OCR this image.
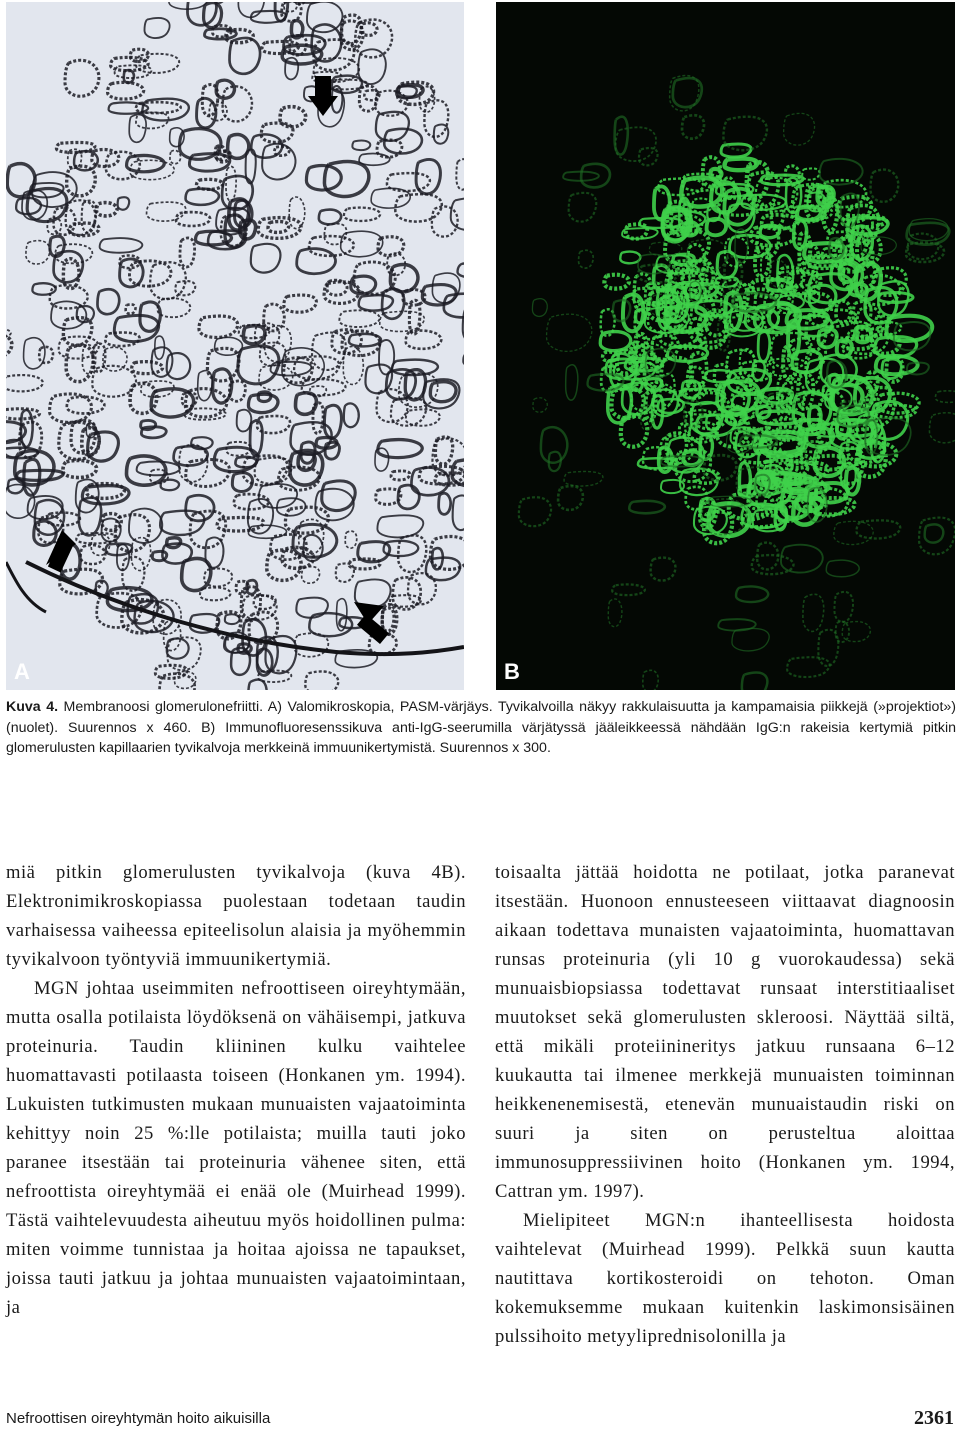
A	B
Kuva 4. Membranoosi glomerulonefriitti. A) Valomikroskopia, PASM-värjäys. Tyvikalvoilla näkyy rakkulaisuutta ja kampamaisia piikkejä (»projektiot») (nuolet). Suurennos x 460. B) Immunofluoresenssikuva anti-IgG-seerumilla värjätyssä jääleikkeessä nähdään IgG:n rakeisia kertymiä pitkin glomerulusten kapillaarien tyvikalvoja merkkeinä immuunikertymistä. Suurennos x 300.

miä pitkin glomerulusten tyvikalvoja (kuva 4B). Elektronimikroskopiassa puolestaan todetaan taudin varhaisessa vaiheessa epiteelisolun alaisia ja myöhemmin tyvikalvoon työntyviä immuunikertymiä.

MGN johtaa useimmiten nefroottiseen oireyhtymään, mutta osalla potilaista löydöksenä on vähäisempi, jatkuva proteinuria. Taudin kliininen kulku vaihtelee huomattavasti potilaasta toiseen (Honkanen ym. 1994). Lukuisten tutkimusten mukaan munuaisten vajaatoiminta kehittyy noin 25 %:lle potilaista; muilla tauti joko paranee itsestään tai proteinuria vähenee siten, että nefroottista oireyhtymää ei enää ole (Muirhead 1999). Tästä vaihtelevuudesta aiheutuu myös hoidollinen pulma: miten voimme tunnistaa ja hoitaa ajoissa ne tapaukset, joissa tauti jatkuu ja johtaa munuaisten vajaatoimintaan, ja

toisaalta jättää hoidotta ne potilaat, jotka paranevat itsestään. Huonoon ennusteeseen viittaavat diagnoosin aikaan todettava munaisten vajaatoiminta, huomattavan runsas proteinuria (yli 10 g vuorokaudessa) sekä munuaisbiopsiassa todettavat runsaat interstitiaaliset muutokset sekä glomerulusten skleroosi. Näyttää siltä, että mikäli proteiininеritys jatkuu runsaana 6–12 kuukautta tai ilmenee merkkejä munuaisten toiminnan heikkenenemisestä, etenevän munuaistaudin riski on suuri ja siten on perusteltua aloittaa immunosuppressiivinen hoito (Honkanen ym. 1994, Cattran ym. 1997).

Mielipiteet MGN:n ihanteellisesta hoidosta vaihtelevat (Muirhead 1999). Pelkkä suun kautta nautittava kortikosteroidi on tehoton. Oman kokemuksemme mukaan kuitenkin laskimonsisäinen pulssihoito metyyliprednisolonilla ja

Nefroottisen oireyhtymän hoito aikuisilla	2361
